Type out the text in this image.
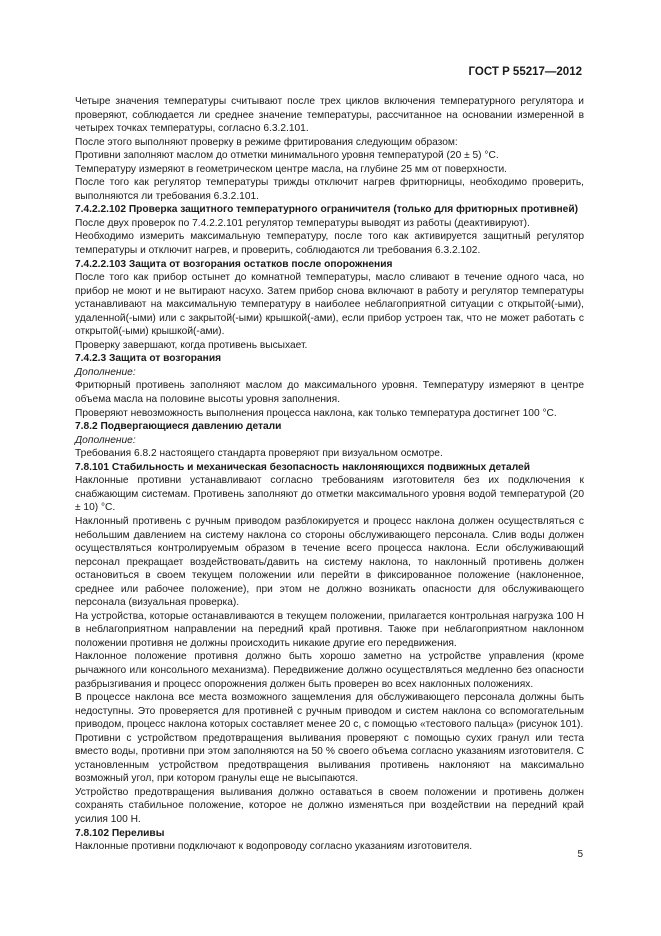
ГОСТ Р 55217—2012

Четыре значения температуры считывают после трех циклов включения температурного регулятора и проверяют, соблюдается ли среднее значение температуры, рассчитанное на основании измеренной в четырех точках температуры, согласно 6.3.2.101.

После этого выполняют проверку в режиме фритирования следующим образом:

Противни заполняют маслом до отметки минимального уровня температурой (20 ± 5) °C.

Температуру измеряют в геометрическом центре масла, на глубине 25 мм от поверхности.

После того как регулятор температуры трижды отключит нагрев фритюрницы, необходимо проверить, выполняются ли требования 6.3.2.101.

7.4.2.2.102 Проверка защитного температурного ограничителя (только для фритюрных противней)

После двух проверок по 7.4.2.2.101 регулятор температуры выводят из работы (деактивируют).

Необходимо измерить максимальную температуру, после того как активируется защитный регулятор температуры и отключит нагрев, и проверить, соблюдаются ли требования 6.3.2.102.

7.4.2.2.103 Защита от возгорания остатков после опорожнения

После того как прибор остынет до комнатной температуры, масло сливают в течение одного часа, но прибор не моют и не вытирают насухо. Затем прибор снова включают в работу и регулятор температуры устанавливают на максимальную температуру в наиболее неблагоприятной ситуации с открытой(-ыми), удаленной(-ыми) или с закрытой(-ыми) крышкой(-ами), если прибор устроен так, что не может работать с открытой(-ыми) крышкой(-ами).

Проверку завершают, когда противень высыхает.

7.4.2.3 Защита от возгорания

Дополнение:

Фритюрный противень заполняют маслом до максимального уровня. Температуру измеряют в центре объема масла на половине высоты уровня заполнения.

Проверяют невозможность выполнения процесса наклона, как только температура достигнет 100 °C.

7.8.2 Подвергающиеся давлению детали

Дополнение:

Требования 6.8.2 настоящего стандарта проверяют при визуальном осмотре.

7.8.101 Стабильность и механическая безопасность наклоняющихся подвижных деталей

Наклонные противни устанавливают согласно требованиям изготовителя без их подключения к снабжающим системам. Противень заполняют до отметки максимального уровня водой температурой (20 ± 10) °C.

Наклонный противень с ручным приводом разблокируется и процесс наклона должен осуществляться с небольшим давлением на систему наклона со стороны обслуживающего персонала. Слив воды должен осуществляться контролируемым образом в течение всего процесса наклона. Если обслуживающий персонал прекращает воздействовать/давить на систему наклона, то наклонный противень должен остановиться в своем текущем положении или перейти в фиксированное положение (наклоненное, среднее или рабочее положение), при этом не должно возникать опасности для обслуживающего персонала (визуальная проверка).

На устройства, которые останавливаются в текущем положении, прилагается контрольная нагрузка 100 Н в неблагоприятном направлении на передний край противня. Также при неблагоприятном наклонном положении противня не должны происходить никакие другие его передвижения.

Наклонное положение противня должно быть хорошо заметно на устройстве управления (кроме рычажного или консольного механизма). Передвижение должно осуществляться медленно без опасности разбрызгивания и процесс опорожнения должен быть проверен во всех наклонных положениях.

В процессе наклона все места возможного защемления для обслуживающего персонала должны быть недоступны. Это проверяется для противней с ручным приводом и систем наклона со вспомогательным приводом, процесс наклона которых составляет менее 20 с, с помощью «тестового пальца» (рисунок 101).

Противни с устройством предотвращения выливания проверяют с помощью сухих гранул или теста вместо воды, противни при этом заполняются на 50 % своего объема согласно указаниям изготовителя. С установленным устройством предотвращения выливания противень наклоняют на максимально возможный угол, при котором гранулы еще не высыпаются.

Устройство предотвращения выливания должно оставаться в своем положении и противень должен сохранять стабильное положение, которое не должно изменяться при воздействии на передний край усилия 100 Н.

7.8.102 Переливы

Наклонные противни подключают к водопроводу согласно указаниям изготовителя.

5
